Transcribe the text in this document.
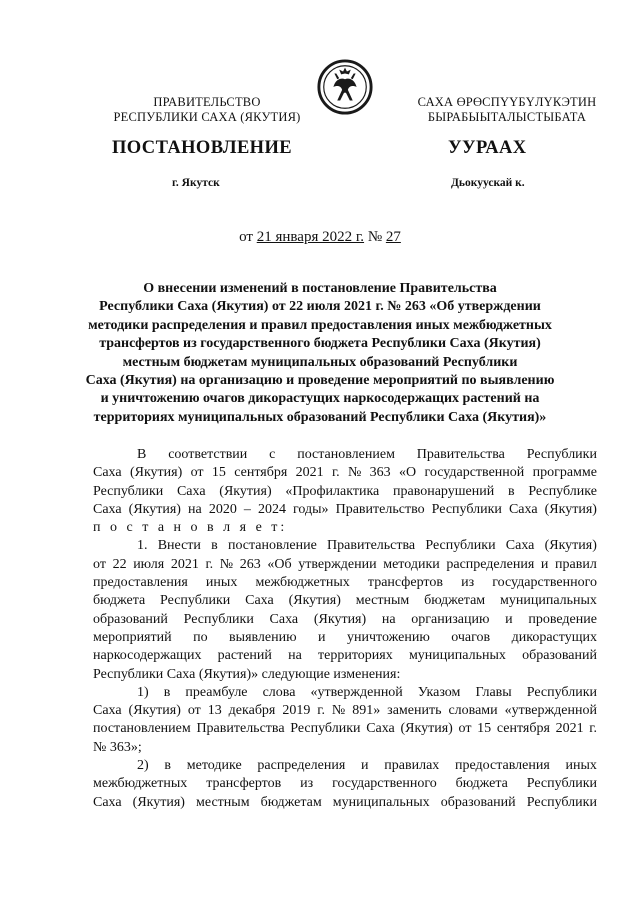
ПРАВИТЕЛЬСТВО
РЕСПУБЛИКИ САХА (ЯКУТИЯ)
САХА ӨРӨСПҮҮБҮЛҮКЭТИН
БЫРАБЫЫТАЛЫСТЫБАТА
ПОСТАНОВЛЕНИЕ	УУРААХ
г. Якутск	Дьокуускай к.
от 21 января 2022 г. № 27
О внесении изменений в постановление Правительства
Республики Саха (Якутия) от 22 июля 2021 г. № 263 «Об утверждении
методики распределения и правил предоставления иных межбюджетных
трансфертов из государственного бюджета Республики Саха (Якутия)
местным бюджетам муниципальных образований Республики
Саха (Якутия) на организацию и проведение мероприятий по выявлению
и уничтожению очагов дикорастущих наркосодержащих растений на
территориях муниципальных образований Республики Саха (Якутия)»
В соответствии с постановлением Правительства Республики
Саха (Якутия) от 15 сентября 2021 г. № 363 «О государственной программе
Республики Саха (Якутия) «Профилактика правонарушений в Республике
Саха (Якутия) на 2020 – 2024 годы» Правительство Республики Саха (Якутия)
п о с т а н о в л я е т:
1. Внести в постановление Правительства Республики Саха (Якутия)
от 22 июля 2021 г. № 263 «Об утверждении методики распределения и правил
предоставления иных межбюджетных трансфертов из государственного
бюджета Республики Саха (Якутия) местным бюджетам муниципальных
образований Республики Саха (Якутия) на организацию и проведение
мероприятий по выявлению и уничтожению очагов дикорастущих
наркосодержащих растений на территориях муниципальных образований
Республики Саха (Якутия)» следующие изменения:
1) в преамбуле слова «утвержденной Указом Главы Республики
Саха (Якутия) от 13 декабря 2019 г. № 891» заменить словами «утвержденной
постановлением Правительства Республики Саха (Якутия) от 15 сентября 2021 г.
№ 363»;
2) в методике распределения и правилах предоставления иных
межбюджетных трансфертов из государственного бюджета Республики
Саха (Якутия) местным бюджетам муниципальных образований Республики
